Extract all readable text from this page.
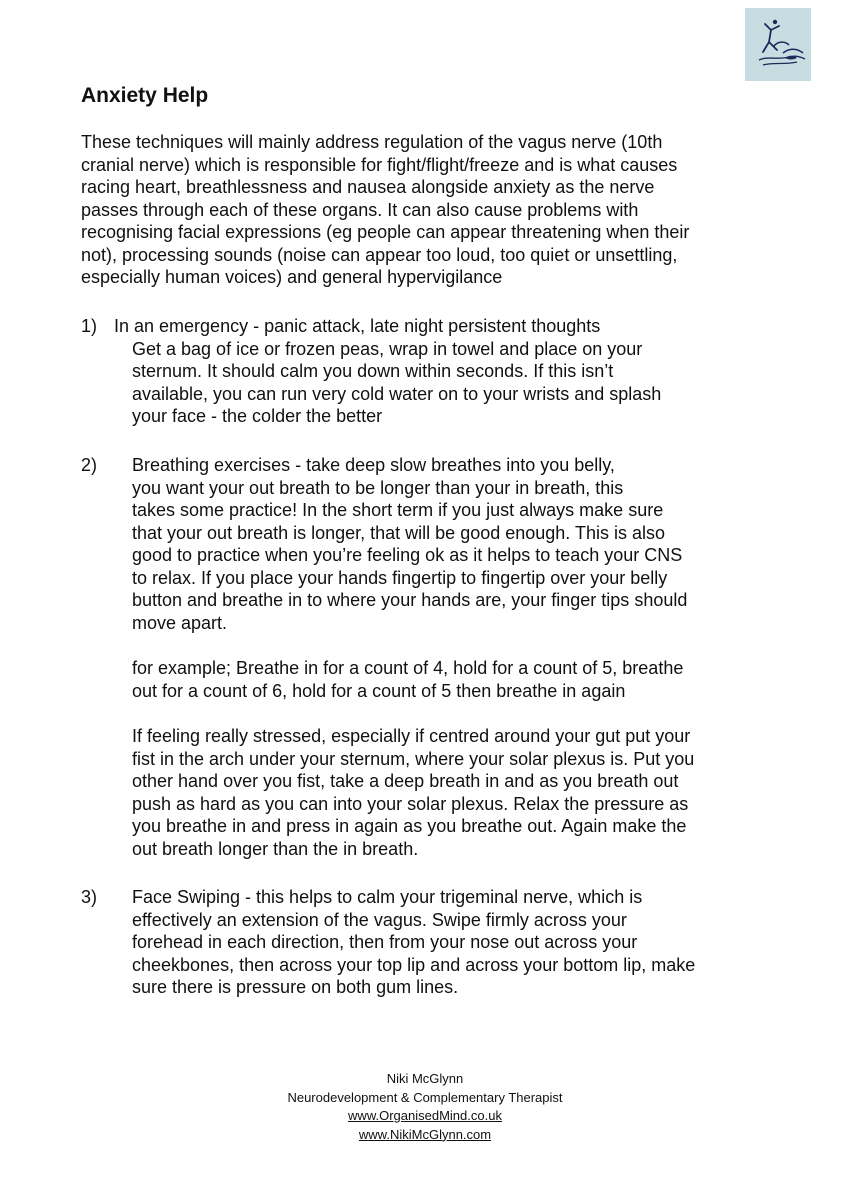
Anxiety Help

These techniques will mainly address regulation of the vagus nerve (10th

cranial nerve) which is responsible for fight/flight/freeze and is what causes

racing heart, breathlessness and nausea alongside anxiety as the nerve

passes through each of these organs. It can also cause problems with

recognising facial expressions (eg people can appear threatening when their

not), processing sounds (noise can appear too loud, too quiet or unsettling,

especially human voices) and general hypervigilance

1) In an emergency - panic attack, late night persistent thoughts

Get a bag of ice or frozen peas, wrap in towel and place on your

sternum. It should calm you down within seconds. If this isn’t

available, you can run very cold water on to your wrists and splash

your face - the colder the better

2) Breathing exercises - take deep slow breathes into you belly,

you want your out breath to be longer than your in breath, this

takes some practice! In the short term if you just always make sure

that your out breath is longer, that will be good enough. This is also

good to practice when you’re feeling ok as it helps to teach your CNS

to relax. If you place your hands fingertip to fingertip over your belly

button and breathe in to where your hands are, your finger tips should

move apart.

for example; Breathe in for a count of 4, hold for a count of 5, breathe

out for a count of 6, hold for a count of 5 then breathe in again

If feeling really stressed, especially if centred around your gut put your

fist in the arch under your sternum, where your solar plexus is. Put you

other hand over you fist, take a deep breath in and as you breath out

push as hard as you can into your solar plexus. Relax the pressure as

you breathe in and press in again as you breathe out. Again make the

out breath longer than the in breath.

3) Face Swiping - this helps to calm your trigeminal nerve, which is

effectively an extension of the vagus. Swipe firmly across your

forehead in each direction, then from your nose out across your

cheekbones, then across your top lip and across your bottom lip, make

sure there is pressure on both gum lines.

Niki McGlynn
Neurodevelopment & Complementary Therapist
www.OrganisedMind.co.uk
www.NikiMcGlynn.com
